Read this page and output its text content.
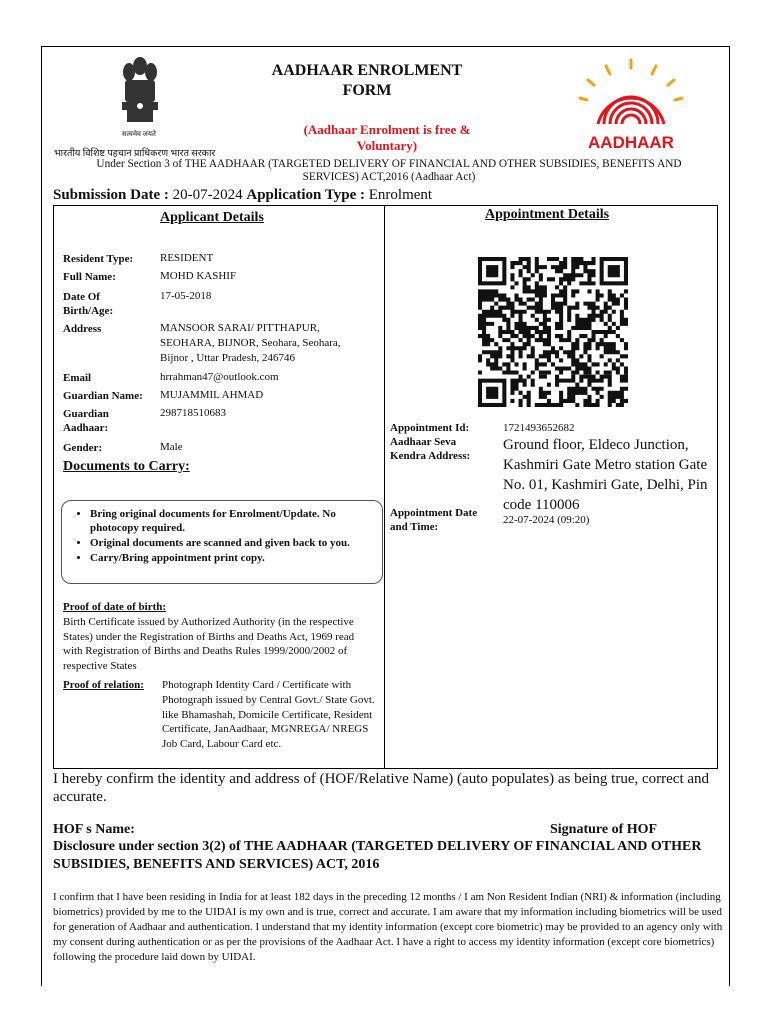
सत्यमेव जयते
भारतीय विशिष्ट पहचान प्राधिकरण भारत सरकार
AADHAAR ENROLMENT
FORM
(Aadhaar Enrolment is free &
Voluntary)	AADHAAR
Under Section 3 of THE AADHAAR (TARGETED DELIVERY OF FINANCIAL AND OTHER SUBSIDIES, BENEFITS AND
SERVICES) ACT,2016 (Aadhaar Act)
Submission Date : 20-07-2024 Application Type : Enrolment
Applicant Details	Appointment Details
Resident Type: RESIDENT
Full Name:	MOHD KASHIF
Date Of
Birth/Age:
17-05-2018
Address	MANSOOR SARAI/ PITTHAPUR,
SEOHARA, BIJNOR, Seohara, Seohara,
Bijnor , Uttar Pradesh, 246746
Email	hrrahman47@outlook.com
Guardian Name: MUJAMMIL AHMAD
Guardian
Aadhaar:
298718510683
Gender:	Male
Documents to Carry:
• Bring original documents for Enrolment/Update. No photocopy required.
• Original documents are scanned and given back to you.
• Carry/Bring appointment print copy.
Proof of date of birth:
Birth Certificate issued by Authorized Authority (in the respective States) under the Registration of Births and Deaths Act, 1969 read with Registration of Births and Deaths Rules 1999/2000/2002 of respective States
Proof of relation: Photograph Identity Card / Certificate with Photograph issued by Central Govt./ State Govt. like Bhamashah, Domicile Certificate, Resident Certificate, JanAadhaar, MGNREGA/ NREGS Job Card, Labour Card etc.
Appointment Id:	1721493652682
Aadhaar Seva
Kendra Address:
Ground floor, Eldeco Junction, Kashmiri Gate Metro station Gate No. 01, Kashmiri Gate, Delhi, Pin code 110006
Appointment Date
and Time:
22-07-2024 (09:20)
I hereby confirm the identity and address of (HOF/Relative Name) (auto populates) as being true, correct and accurate.
HOF s Name:	Signature of HOF
Disclosure under section 3(2) of THE AADHAAR (TARGETED DELIVERY OF FINANCIAL AND OTHER SUBSIDIES, BENEFITS AND SERVICES) ACT, 2016
I confirm that I have been residing in India for at least 182 days in the preceding 12 months / I am Non Resident Indian (NRI) & information (including biometrics) provided by me to the UIDAI is my own and is true, correct and accurate. I am aware that my information including biometrics will be used for generation of Aadhaar and authentication. I understand that my identity information (except core biometric) may be provided to an agency only with my consent during authentication or as per the provisions of the Aadhaar Act. I have a right to access my identity information (except core biometrics) following the procedure laid down by UIDAI.
